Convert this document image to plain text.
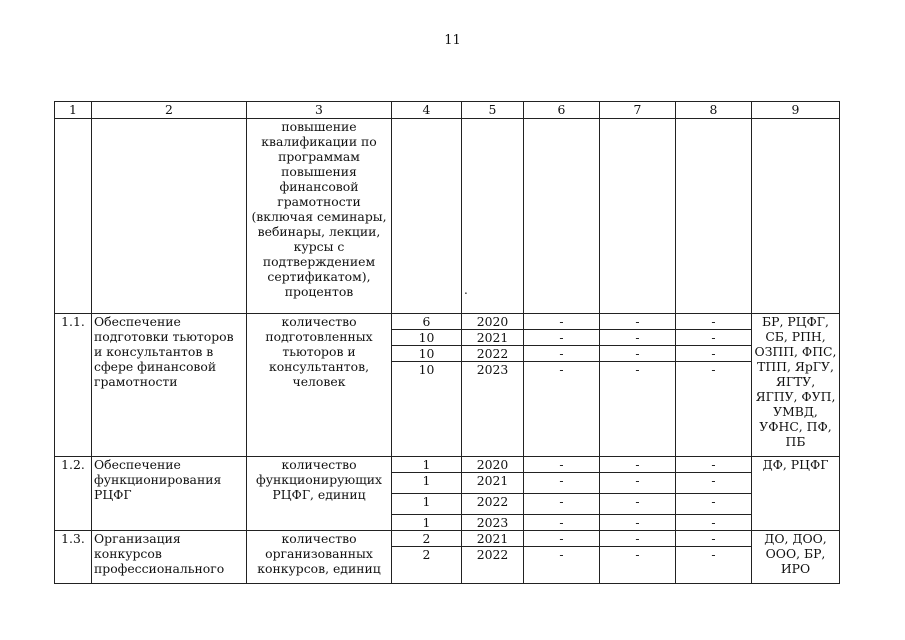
11
1	2	3	4	5	6	7	8	9
		повышение квалификации по программам повышения финансовой грамотности (включая семинары, вебинары, лекции, курсы с подтверждением сертификатом), процентов						
1.1.	Обеспечение подготовки тьюторов и консультантов в сфере финансовой грамотности	количество подготовленных тьюторов и консультантов, человек	6	2020	-	-	-	БР, РЦФГ, СБ, РПН, ОЗПП, ФПС, ТПП, ЯрГУ, ЯГТУ, ЯГПУ, ФУП, УМВД, УФНС, ПФ, ПБ
			10	2021	-	-	-	
			10	2022	-	-	-	
			10	2023	-	-	-	
1.2.	Обеспечение функционирования РЦФГ	количество функционирующих РЦФГ, единиц	1	2020	-	-	-	ДФ, РЦФГ
			1	2021	-	-	-	
			1	2022	-	-	-	
			1	2023	-	-	-	
1.3.	Организация конкурсов профессионального	количество организованных конкурсов, единиц	2	2021	-	-	-	ДО, ДОО, ООО, БР, ИРО
			2	2022	-	-	-	
.
